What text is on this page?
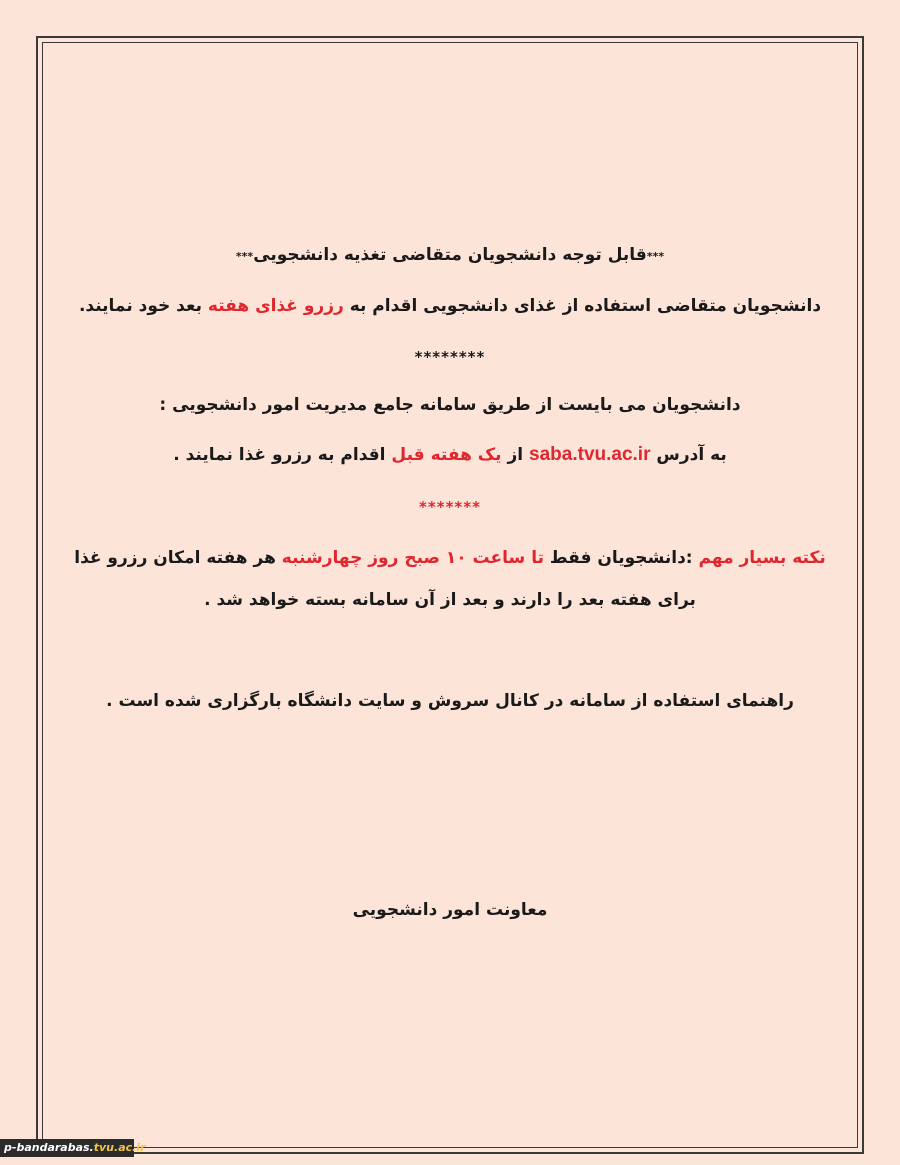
***قابل توجه دانشجویان متقاضی تغذیه دانشجویی***
دانشجویان متقاضی استفاده از غذای دانشجویی اقدام به رزرو غذای هفته بعد خود نمایند.
********
دانشجویان می بایست از طریق سامانه جامع مدیریت امور دانشجویی :
به آدرس saba.tvu.ac.ir از یک هفته قبل اقدام به رزرو غذا نمایند .
*******
نکته بسیار مهم :دانشجویان فقط تا ساعت ۱۰ صبح روز چهارشنبه هر هفته امکان رزرو غذا
برای هفته بعد را دارند و بعد از آن سامانه بسته خواهد شد .
راهنمای استفاده از سامانه در کانال سروش و سایت دانشگاه بارگزاری شده است .
معاونت امور دانشجویی
p-bandarabas.tvu.ac.ir
